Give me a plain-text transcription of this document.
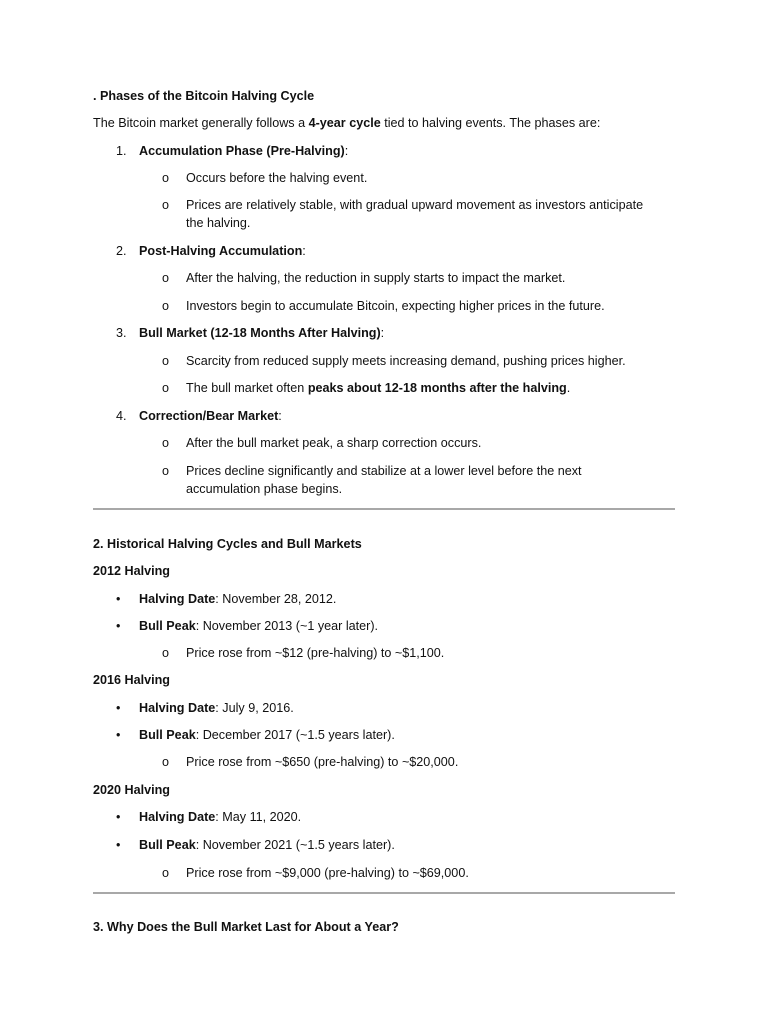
. Phases of the Bitcoin Halving Cycle
The Bitcoin market generally follows a 4-year cycle tied to halving events. The phases are:
1. Accumulation Phase (Pre-Halving):
o Occurs before the halving event.
o Prices are relatively stable, with gradual upward movement as investors anticipate
the halving.
2. Post-Halving Accumulation:
o After the halving, the reduction in supply starts to impact the market.
o Investors begin to accumulate Bitcoin, expecting higher prices in the future.
3. Bull Market (12-18 Months After Halving):
o Scarcity from reduced supply meets increasing demand, pushing prices higher.
o The bull market often peaks about 12-18 months after the halving.
4. Correction/Bear Market:
o After the bull market peak, a sharp correction occurs.
o Prices decline significantly and stabilize at a lower level before the next
accumulation phase begins.
2. Historical Halving Cycles and Bull Markets
2012 Halving
• Halving Date: November 28, 2012.
• Bull Peak: November 2013 (~1 year later).
o Price rose from ~$12 (pre-halving) to ~$1,100.
2016 Halving
• Halving Date: July 9, 2016.
• Bull Peak: December 2017 (~1.5 years later).
o Price rose from ~$650 (pre-halving) to ~$20,000.
2020 Halving
• Halving Date: May 11, 2020.
• Bull Peak: November 2021 (~1.5 years later).
o Price rose from ~$9,000 (pre-halving) to ~$69,000.
3. Why Does the Bull Market Last for About a Year?
